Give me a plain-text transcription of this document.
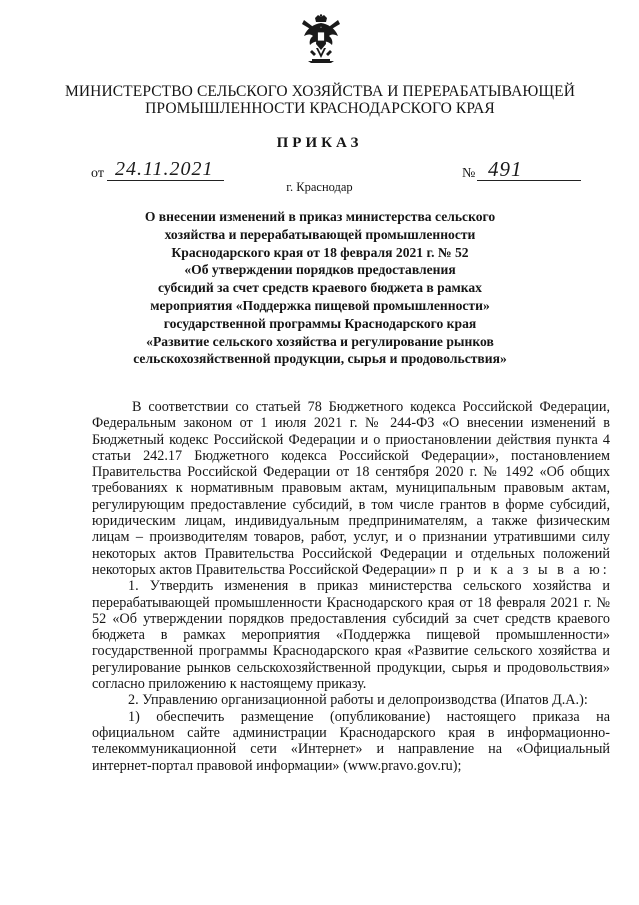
МИНИСТЕРСТВО СЕЛЬСКОГО ХОЗЯЙСТВА И ПЕРЕРАБАТЫВАЮЩЕЙ
ПРОМЫШЛЕННОСТИ КРАСНОДАРСКОГО КРАЯ
ПРИКАЗ
от 24.11.2021	№ 491
г. Краснодар
О внесении изменений в приказ министерства сельского
хозяйства и перерабатывающей промышленности
Краснодарского края от 18 февраля 2021 г. № 52
«Об утверждении порядков предоставления
субсидий за счет средств краевого бюджета в рамках
мероприятия «Поддержка пищевой промышленности»
государственной программы Краснодарского края
«Развитие сельского хозяйства и регулирование рынков
сельскохозяйственной продукции, сырья и продовольствия»

В соответствии со статьей 78 Бюджетного кодекса Российской Федерации, Федеральным законом от 1 июля 2021 г. № 244-ФЗ «О внесении изменений в Бюджетный кодекс Российской Федерации и о приостановлении действия пункта 4 статьи 242.17 Бюджетного кодекса Российской Федерации», постановлением Правительства Российской Федерации от 18 сентября 2020 г. № 1492 «Об общих требованиях к нормативным правовым актам, муниципальным правовым актам, регулирующим предоставление субсидий, в том числе грантов в форме субсидий, юридическим лицам, индивидуальным предпринимателям, а также физическим лицам – производителям товаров, работ, услуг, и о признании утратившими силу некоторых актов Правительства Российской Федерации и отдельных положений некоторых актов Правительства Российской Федерации» п р и к а з ы в а ю:

1. Утвердить изменения в приказ министерства сельского хозяйства и перерабатывающей промышленности Краснодарского края от 18 февраля 2021 г. № 52 «Об утверждении порядков предоставления субсидий за счет средств краевого бюджета в рамках мероприятия «Поддержка пищевой промышленности» государственной программы Краснодарского края «Развитие сельского хозяйства и регулирование рынков сельскохозяйственной продукции, сырья и продовольствия» согласно приложению к настоящему приказу.

2. Управлению организационной работы и делопроизводства (Ипатов Д.А.):

1) обеспечить размещение (опубликование) настоящего приказа на официальном сайте администрации Краснодарского края в информационно-телекоммуникационной сети «Интернет» и направление на «Официальный интернет-портал правовой информации» (www.pravo.gov.ru);
